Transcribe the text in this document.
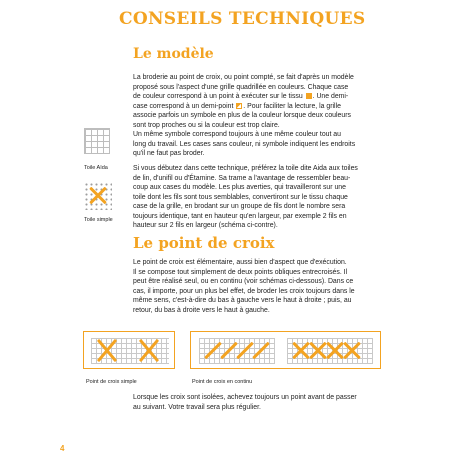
CONSEILS TECHNIQUES
Le modèle
La broderie au point de croix, ou point compté, se fait d'après un modèle
proposé sous l'aspect d'une grille quadrillée en couleurs. Chaque case
de couleur correspond à un point à exécuter sur le tissu . Une demi-
case correspond à un demi-point . Pour faciliter la lecture, la grille
associe parfois un symbole en plus de la couleur lorsque deux couleurs
sont trop proches ou si la couleur est trop claire.
Un même symbole correspond toujours à une même couleur tout au
long du travail. Les cases sans couleur, ni symbole indiquent les endroits
qu'il ne faut pas broder.
Toile Aïda
Toile simple
Si vous débutez dans cette technique, préférez la toile dite Aida aux toiles
de lin, d'unifil ou d'Étamine. Sa trame a l'avantage de ressembler beau-
coup aux cases du modèle. Les plus averties, qui travailleront sur une
toile dont les fils sont tous semblables, convertiront sur le tissu chaque
case de la grille, en brodant sur un groupe de fils dont le nombre sera
toujours identique, tant en hauteur qu'en largeur, par exemple 2 fils en
hauteur sur 2 fils en largeur (schéma ci-contre).
Le point de croix
Le point de croix est élémentaire, aussi bien d'aspect que d'exécution.
Il se compose tout simplement de deux points obliques entrecroisés. Il
peut être réalisé seul, ou en continu (voir schémas ci-dessous). Dans ce
cas, il importe, pour un plus bel effet, de broder les croix toujours dans le
même sens, c'est-à-dire du bas à gauche vers le haut à droite ; puis, au
retour, du bas à droite vers le haut à gauche.
Point de croix simple	Point de croix en continu
Lorsque les croix sont isolées, achevez toujours un point avant de passer
au suivant. Votre travail sera plus régulier.
4
